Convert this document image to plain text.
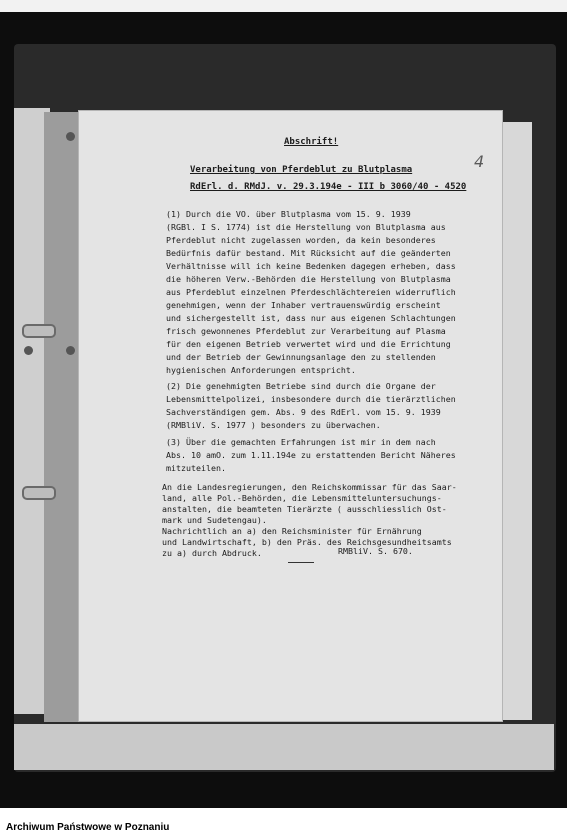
Abschrift!
4
Verarbeitung von Pferdeblut zu Blutplasma
RdErl. d. RMdJ. v. 29.3.194e - III b 3060/40 - 4520
(1) Durch die VO. über Blutplasma vom 15. 9. 1939
(RGBl. I S. 1774) ist die Herstellung von Blutplasma aus
Pferdeblut nicht zugelassen worden, da kein besonderes
Bedürfnis dafür bestand. Mit Rücksicht auf die geänderten
Verhältnisse will ich keine Bedenken dagegen erheben, dass
die höheren Verw.-Behörden die Herstellung von Blutplasma
aus Pferdeblut einzelnen Pferdeschlächtereien widerruflich
genehmigen, wenn der Inhaber vertrauenswürdig erscheint
und sichergestellt ist, dass nur aus eigenen Schlachtungen
frisch gewonnenes Pferdeblut zur Verarbeitung auf Plasma
für den eigenen Betrieb verwertet wird und die Errichtung
und der Betrieb der Gewinnungsanlage den zu stellenden
hygienischen Anforderungen entspricht.
(2) Die genehmigten Betriebe sind durch die Organe der
Lebensmittelpolizei, insbesondere durch die tierärztlichen
Sachverständigen gem. Abs. 9 des RdErl. vom 15. 9. 1939
(RMBliV. S. 1977 ) besonders zu überwachen.
(3) Über die gemachten Erfahrungen ist mir in dem nach
Abs. 10 amO. zum 1.11.194e zu erstattenden Bericht Näheres
mitzuteilen.
An die Landesregierungen, den Reichskommissar für das Saar-
land, alle Pol.-Behörden, die Lebensmitteluntersuchungs-
anstalten, die beamteten Tierärzte ( ausschliesslich Ost-
mark und Sudetengau).
Nachrichtlich an a) den Reichsminister für Ernährung
und Landwirtschaft, b) den Präs. des Reichsgesundheitsamts
zu a) durch Abdruck.	RMBliV. S. 670.
Archiwum Państwowe w Poznaniu
